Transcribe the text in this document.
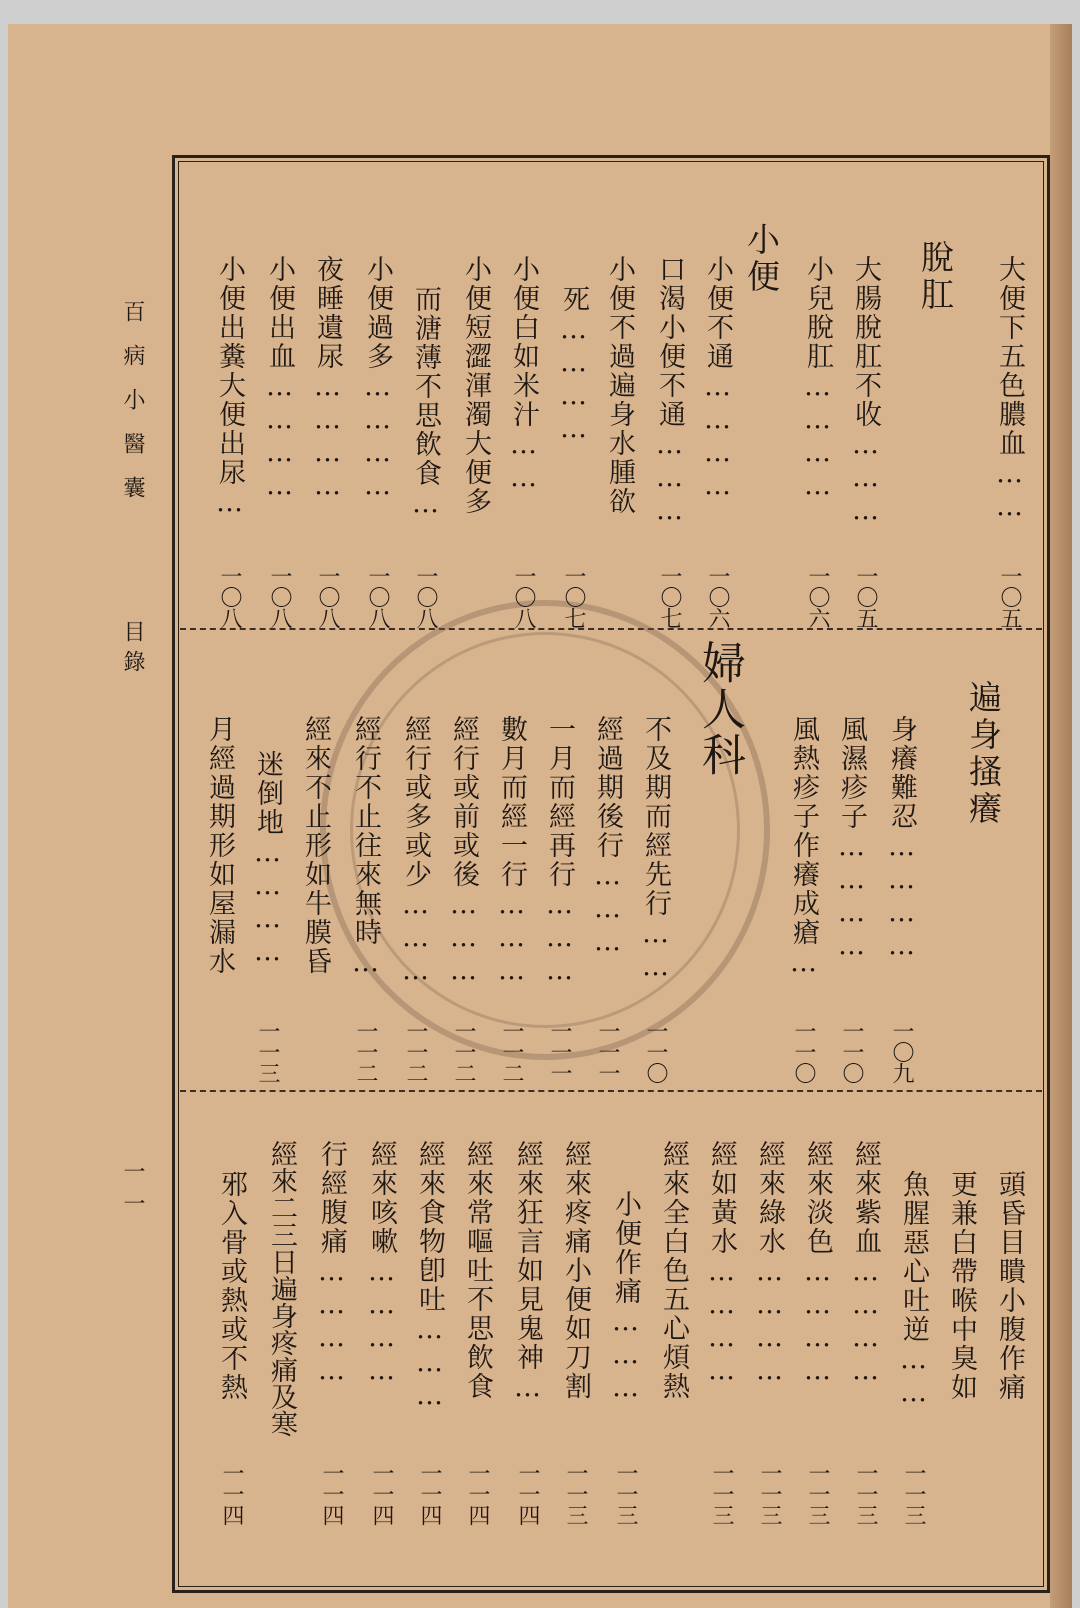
百病小醫囊
目錄
一一
大便下五色膿血……
一〇五
脫肛
大腸脫肛不收………
一〇五
小兒脫肛…………
一〇六
小便
小便不通…………
一〇六
口渴小便不通………
一〇七
小便不過遍身水腫欲
死…………
一〇七
小便白如米汁……
一〇八
小便短澀渾濁大便多
而溏薄不思飲食…
一〇八
小便過多…………
一〇八
夜睡遺尿…………
一〇八
小便出血…………
一〇八
小便出糞大便出尿…
一〇八
遍身搔癢
身癢難忍…………
一〇九
風濕疹子…………
一一〇
風熱疹子作癢成瘡…
一一〇
婦人科
不及期而經先行……
一一〇
經過期後行………
一一一
一月而經再行………
一一一
數月而經一行………
一一二
經行或前或後………
一一二
經行或多或少………
一一二
經行不止往來無時…
一一二
經來不止形如牛膜昏
迷倒地…………
一一三
月經過期形如屋漏水
頭昏目瞶小腹作痛
更兼白帶喉中臭如
魚腥惡心吐逆……
一一三
經來紫血…………
一一三
經來淡色…………
一一三
經來綠水…………
一一三
經如黃水…………
一一三
經來全白色五心煩熱
小便作痛………
一一三
經來疼痛小便如刀割
一一三
經來狂言如見鬼神…
一一四
經來常嘔吐不思飲食
一一四
經來食物卽吐………
一一四
經來咳嗽…………
一一四
行經腹痛…………
一一四
經來二三日遍身疼痛及寒
邪入骨或熱或不熱
一一四
